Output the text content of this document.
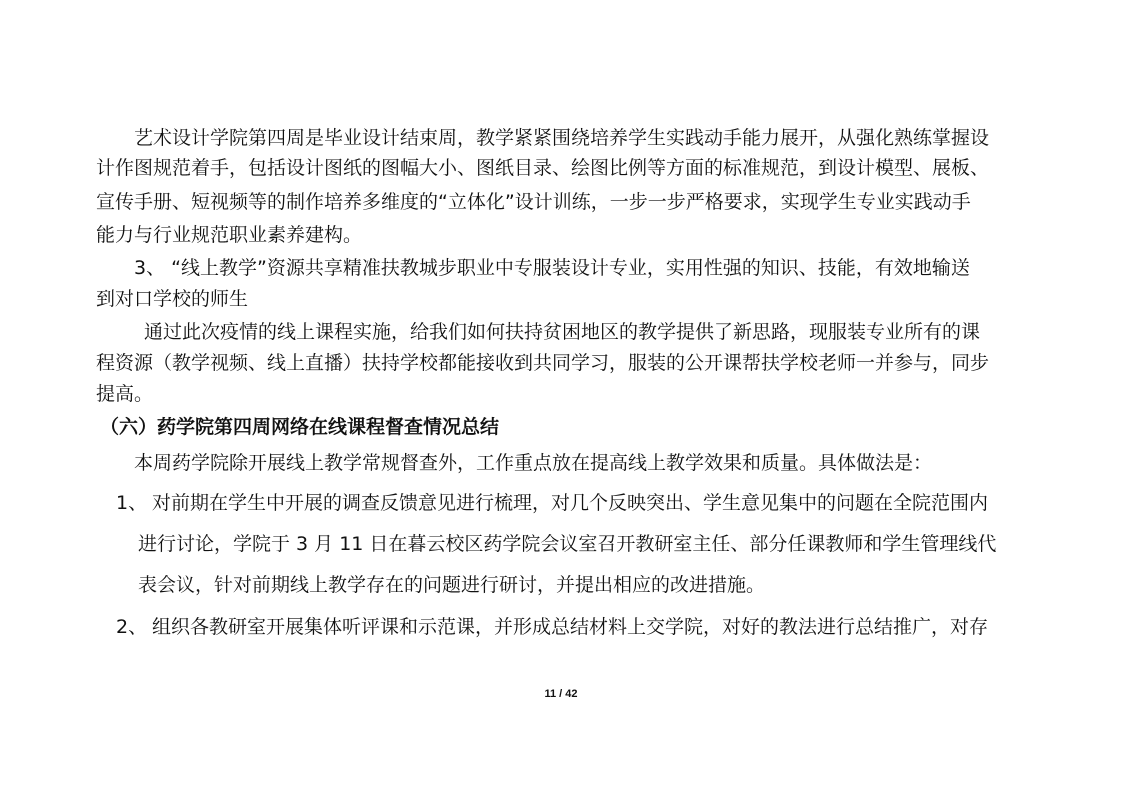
艺术设计学院第四周是毕业设计结束周，教学紧紧围绕培养学生实践动手能力展开，从强化熟练掌握设
计作图规范着手，包括设计图纸的图幅大小、图纸目录、绘图比例等方面的标准规范，到设计模型、展板、
宣传手册、短视频等的制作培养多维度的“立体化”设计训练，一步一步严格要求，实现学生专业实践动手
能力与行业规范职业素养建构。
3、 “线上教学”资源共享精准扶教城步职业中专服装设计专业，实用性强的知识、技能，有效地输送
到对口学校的师生
通过此次疫情的线上课程实施，给我们如何扶持贫困地区的教学提供了新思路，现服装专业所有的课
程资源（教学视频、线上直播）扶持学校都能接收到共同学习，服装的公开课帮扶学校老师一并参与，同步
提高。
（六）药学院第四周网络在线课程督查情况总结
本周药学院除开展线上教学常规督查外，工作重点放在提高线上教学效果和质量。具体做法是：
1、 对前期在学生中开展的调查反馈意见进行梳理，对几个反映突出、学生意见集中的问题在全院范围内
进行讨论，学院于 3 月 11 日在暮云校区药学院会议室召开教研室主任、部分任课教师和学生管理线代
表会议，针对前期线上教学存在的问题进行研讨，并提出相应的改进措施。
2、 组织各教研室开展集体听评课和示范课，并形成总结材料上交学院，对好的教法进行总结推广，对存
11 / 42
